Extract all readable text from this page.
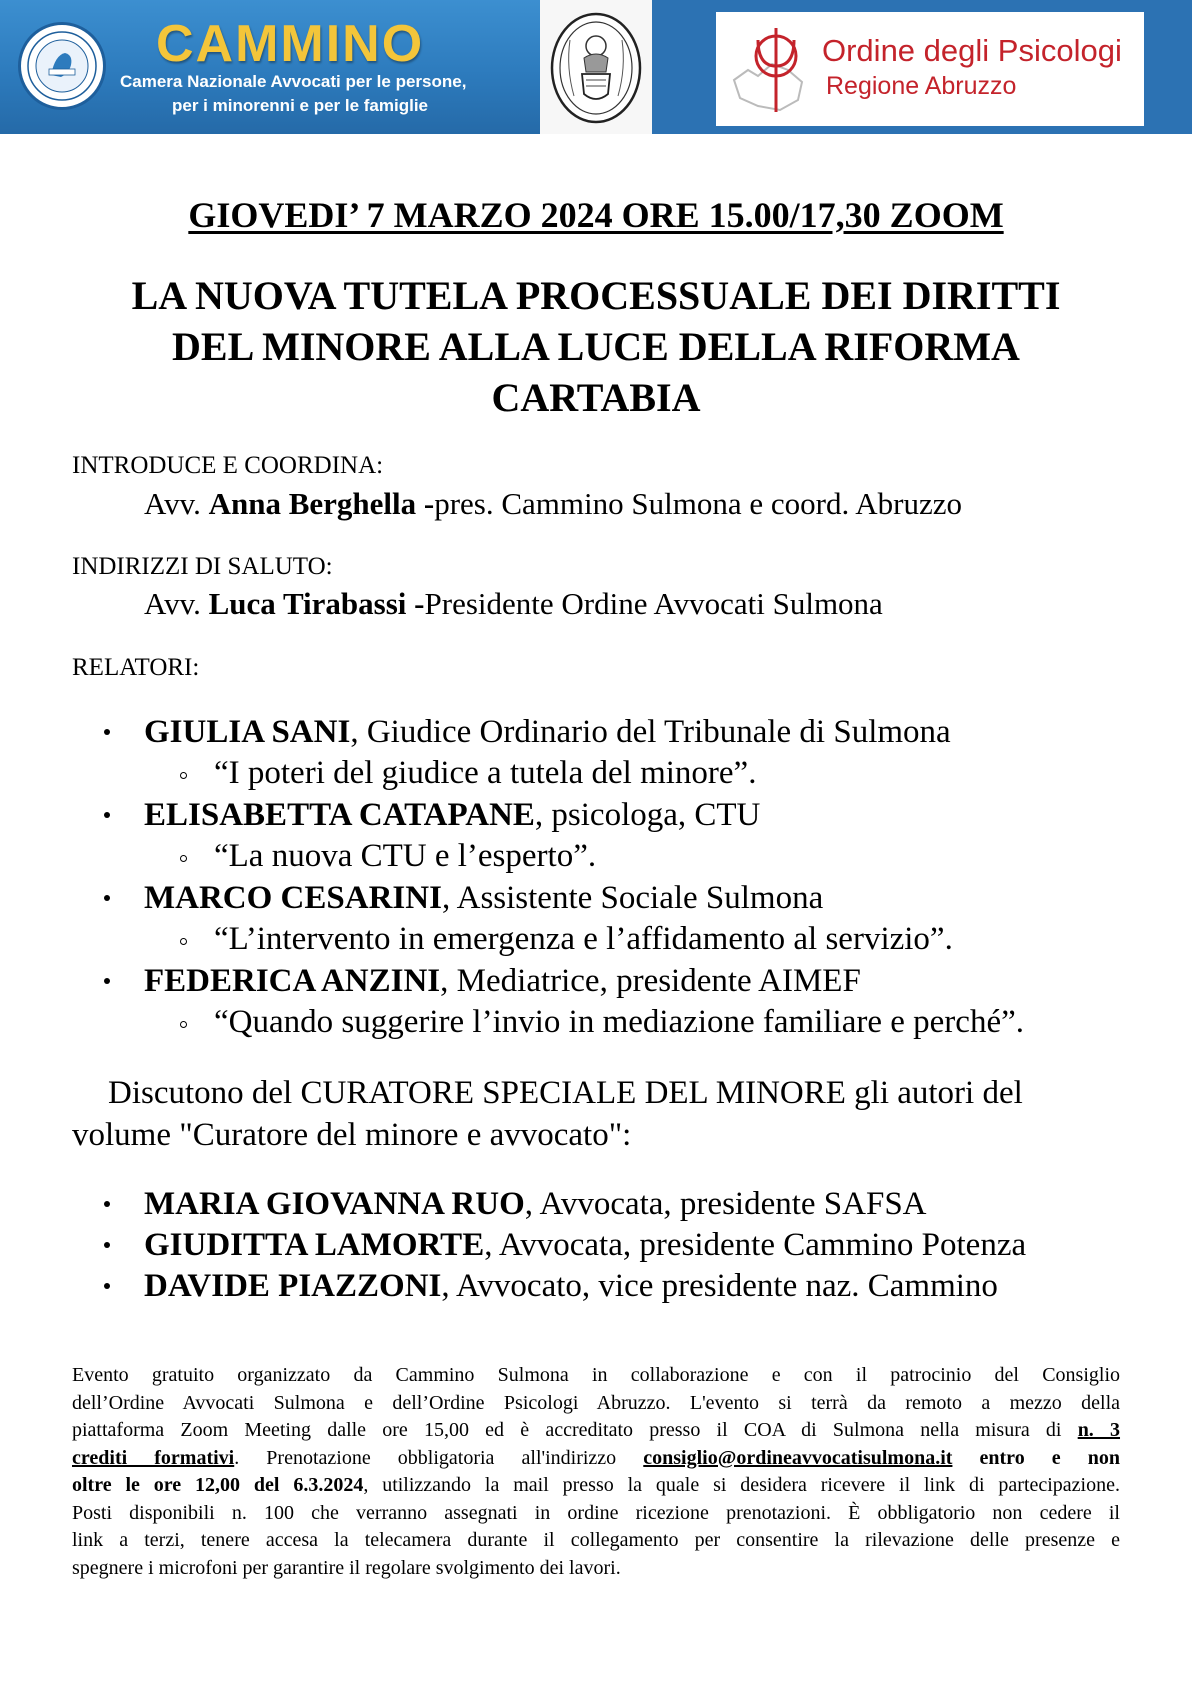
CAMMINO
Camera Nazionale Avvocati per le persone,
per i minorenni e per le famiglie
Ordine degli Psicologi
Regione Abruzzo
GIOVEDI’ 7 MARZO 2024 ORE 15.00/17,30 ZOOM
LA NUOVA TUTELA PROCESSUALE DEI DIRITTI
DEL MINORE ALLA LUCE DELLA RIFORMA
CARTABIA
INTRODUCE E COORDINA:
Avv. Anna Berghella -pres. Cammino Sulmona e coord. Abruzzo
INDIRIZZI DI SALUTO:
Avv. Luca Tirabassi -Presidente Ordine Avvocati Sulmona
RELATORI:
GIULIA SANI, Giudice Ordinario del Tribunale di Sulmona
“I poteri del giudice a tutela del minore”.
ELISABETTA CATAPANE, psicologa, CTU
“La nuova CTU e l’esperto”.
MARCO CESARINI, Assistente Sociale Sulmona
“L’intervento in emergenza e l’affidamento al servizio”.
FEDERICA ANZINI, Mediatrice, presidente AIMEF
“Quando suggerire l’invio in mediazione familiare e perché”.
Discutono del CURATORE SPECIALE DEL MINORE gli autori del
volume "Curatore del minore e avvocato":
MARIA GIOVANNA RUO, Avvocata, presidente SAFSA
GIUDITTA LAMORTE, Avvocata, presidente Cammino Potenza
DAVIDE PIAZZONI, Avvocato, vice presidente naz. Cammino
Evento gratuito organizzato da Cammino Sulmona in collaborazione e con il patrocinio del Consiglio
dell’Ordine Avvocati Sulmona e dell’Ordine Psicologi Abruzzo. L'evento si terrà da remoto a mezzo della
piattaforma Zoom Meeting dalle ore 15,00 ed è accreditato presso il COA di Sulmona nella misura di n. 3
crediti formativi. Prenotazione obbligatoria all'indirizzo consiglio@ordineavvocatisulmona.it entro e non
oltre le ore 12,00 del 6.3.2024, utilizzando la mail presso la quale si desidera ricevere il link di partecipazione.
Posti disponibili n. 100 che verranno assegnati in ordine ricezione prenotazioni. È obbligatorio non cedere il
link a terzi, tenere accesa la telecamera durante il collegamento per consentire la rilevazione delle presenze e
spegnere i microfoni per garantire il regolare svolgimento dei lavori.
